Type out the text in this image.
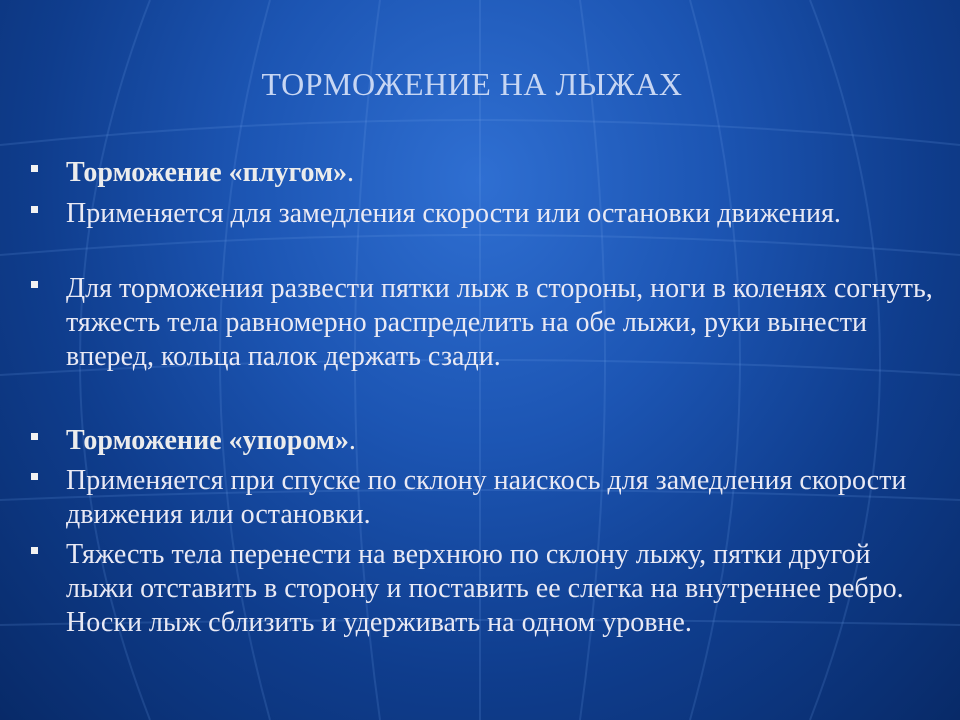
ТОРМОЖЕНИЕ НА ЛЫЖАХ
Торможение «плугом».
Применяется для замедления скорости или остановки движения.
Для торможения развести пятки лыж в стороны, ноги в коленях согнуть, тяжесть тела равномерно распределить на обе лыжи, руки вынести вперед, кольца палок держать сзади.
Торможение «упором».
Применяется при спуске по склону наискось для замедления скорости движения или остановки.
Тяжесть тела перенести на верхнюю по склону лыжу, пятки другой лыжи отставить в сторону и поставить ее слегка на внутреннее ребро. Носки лыж сблизить и удерживать на одном уровне.
